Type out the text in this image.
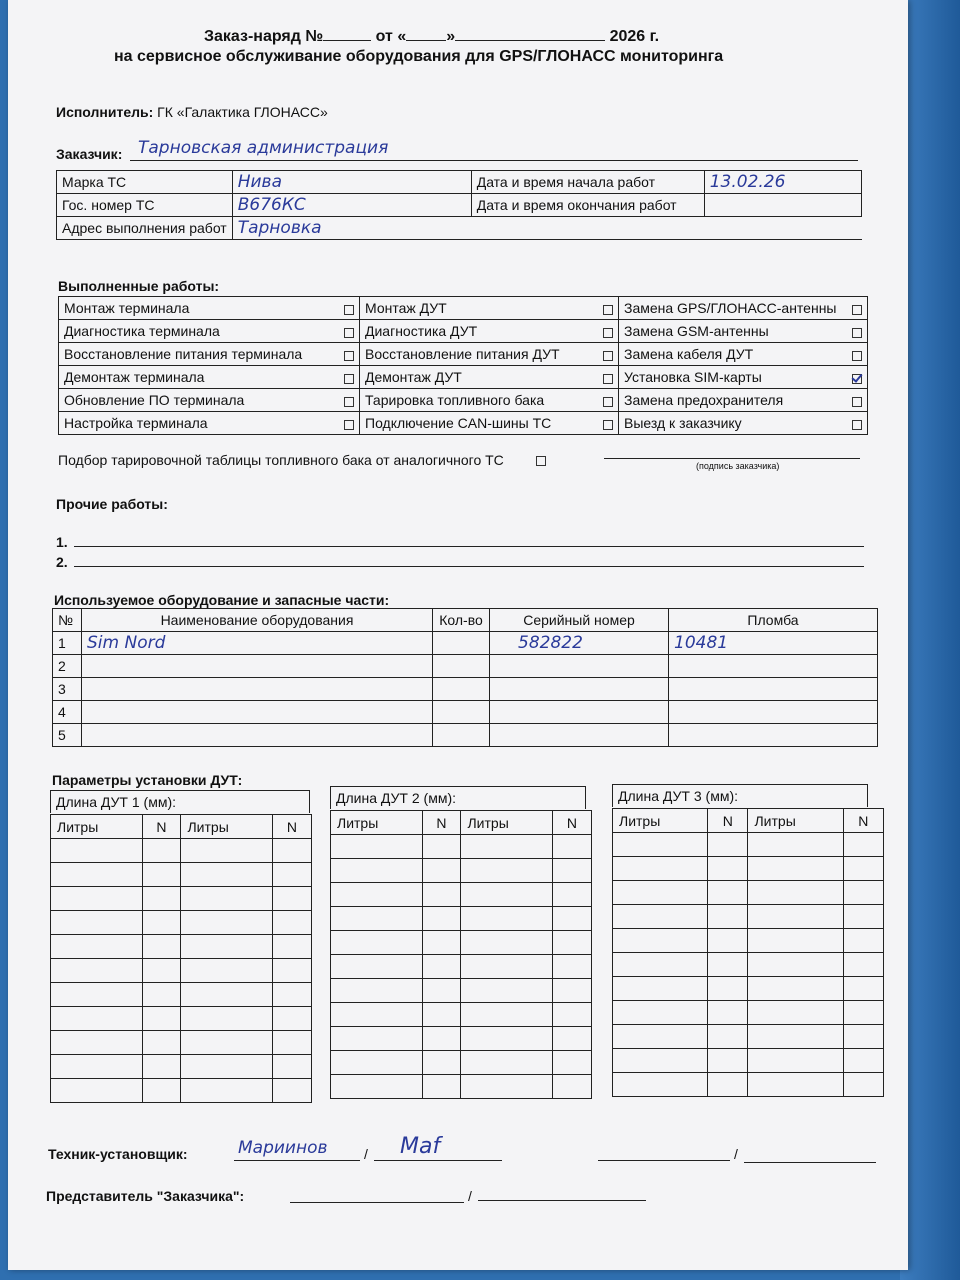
Заказ-наряд №	от «	»	2026 г.
на сервисное обслуживание оборудования для GPS/ГЛОНАСС мониторинга
Исполнитель: ГК «Галактика ГЛОНАСС»
Заказчик: Тарновская администрация
Марка ТС	Нива	Дата и время начала работ	13.02.26
Гос. номер ТС	В676КС	Дата и время окончания работ	
Адрес выполнения работ	Тарновка		
Выполненные работы:
Монтаж терминала	Монтаж ДУТ	Замена GPS/ГЛОНАСС-антенны

Диагностика терминала	Диагностика ДУТ	Замена GSM-антенны

Восстановление питания терминала	Восстановление питания ДУТ	Замена кабеля ДУТ

Демонтаж терминала	Демонтаж ДУТ	Установка SIM-карты

Обновление ПО терминала	Тарировка топливного бака	Замена предохранителя

Настройка терминала	Подключение CAN-шины ТС	Выезд к заказчику
Подбор тарировочной таблицы топливного бака от аналогичного ТС	(подпись заказчика)
Прочие работы:
1.
2.
Используемое оборудование и запасные части:
№	Наименование оборудования	Кол-во	Серийный номер	Пломба
1	Sim Nord		582822	10481
2				
3				
4				
5				
Параметры установки ДУТ:
Длина ДУТ 1 (мм):
Литры	N	Литры	N

Длина ДУТ 2 (мм):
Литры	N	Литры	N

Длина ДУТ 3 (мм):
Литры	N	Литры	N

Техник-установщик:	Мариинов	/ Маf	/
Представитель "Заказчика":	/
